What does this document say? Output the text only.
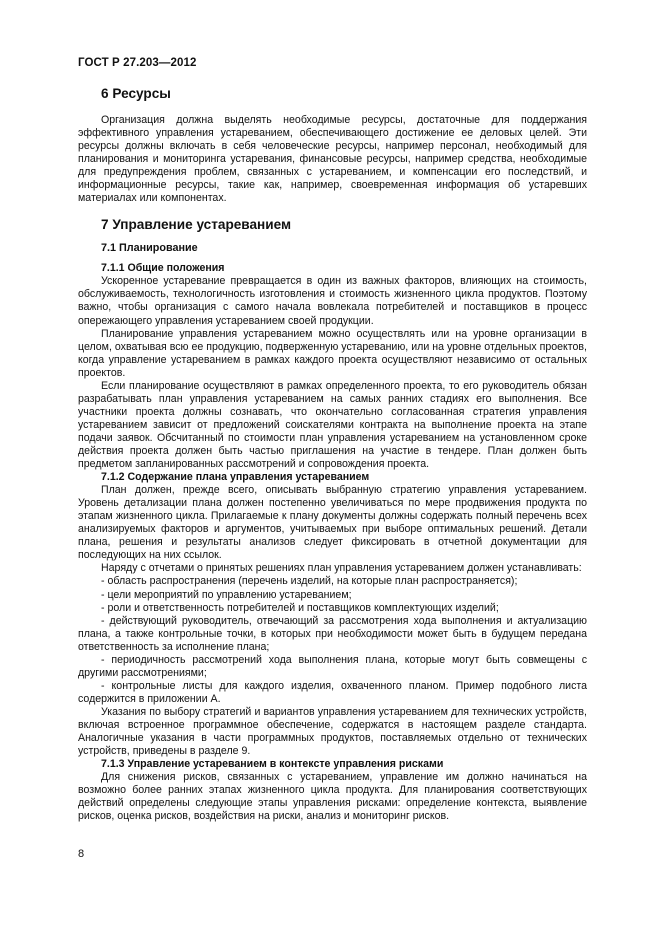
ГОСТ Р 27.203—2012
6 Ресурсы

Организация должна выделять необходимые ресурсы, достаточные для поддержания эффективного управления устареванием, обеспечивающего достижение ее деловых целей. Эти ресурсы должны включать в себя человеческие ресурсы, например персонал, необходимый для планирования и мониторинга устаревания, финансовые ресурсы, например средства, необходимые для предупреждения проблем, связанных с устареванием, и компенсации его последствий, и информационные ресурсы, такие как, например, своевременная информация об устаревших материалах или компонентах.

7 Управление устареванием
7.1 Планирование
7.1.1 Общие положения

Ускоренное устаревание превращается в один из важных факторов, влияющих на стоимость, обслуживаемость, технологичность изготовления и стоимость жизненного цикла продуктов. Поэтому важно, чтобы организация с самого начала вовлекала потребителей и поставщиков в процесс опережающего управления устареванием своей продукции.

Планирование управления устареванием можно осуществлять или на уровне организации в целом, охватывая всю ее продукцию, подверженную устареванию, или на уровне отдельных проектов, когда управление устареванием в рамках каждого проекта осуществляют независимо от остальных проектов.

Если планирование осуществляют в рамках определенного проекта, то его руководитель обязан разрабатывать план управления устареванием на самых ранних стадиях его выполнения. Все участники проекта должны сознавать, что окончательно согласованная стратегия управления устареванием зависит от предложений соискателями контракта на выполнение проекта на этапе подачи заявок. Обсчитанный по стоимости план управления устареванием на установленном сроке действия проекта должен быть частью приглашения на участие в тендере. План должен быть предметом запланированных рассмотрений и сопровождения проекта.

7.1.2 Содержание плана управления устареванием

План должен, прежде всего, описывать выбранную стратегию управления устареванием. Уровень детализации плана должен постепенно увеличиваться по мере продвижения продукта по этапам жизненного цикла. Прилагаемые к плану документы должны содержать полный перечень всех анализируемых факторов и аргументов, учитываемых при выборе оптимальных решений. Детали плана, решения и результаты анализов следует фиксировать в отчетной документации для последующих на них ссылок.

Наряду с отчетами о принятых решениях план управления устареванием должен устанавливать:

- область распространения (перечень изделий, на которые план распространяется);
- цели мероприятий по управлению устареванием;
- роли и ответственность потребителей и поставщиков комплектующих изделий;
- действующий руководитель, отвечающий за рассмотрения хода выполнения и актуализацию плана, а также контрольные точки, в которых при необходимости может быть в будущем передана ответственность за исполнение плана;
- периодичность рассмотрений хода выполнения плана, которые могут быть совмещены с другими рассмотрениями;
- контрольные листы для каждого изделия, охваченного планом. Пример подобного листа содержится в приложении А.

Указания по выбору стратегий и вариантов управления устареванием для технических устройств, включая встроенное программное обеспечение, содержатся в настоящем разделе стандарта. Аналогичные указания в части программных продуктов, поставляемых отдельно от технических устройств, приведены в разделе 9.

7.1.3 Управление устареванием в контексте управления рисками

Для снижения рисков, связанных с устареванием, управление им должно начинаться на возможно более ранних этапах жизненного цикла продукта. Для планирования соответствующих действий определены следующие этапы управления рисками: определение контекста, выявление рисков, оценка рисков, воздействия на риски, анализ и мониторинг рисков.

8
